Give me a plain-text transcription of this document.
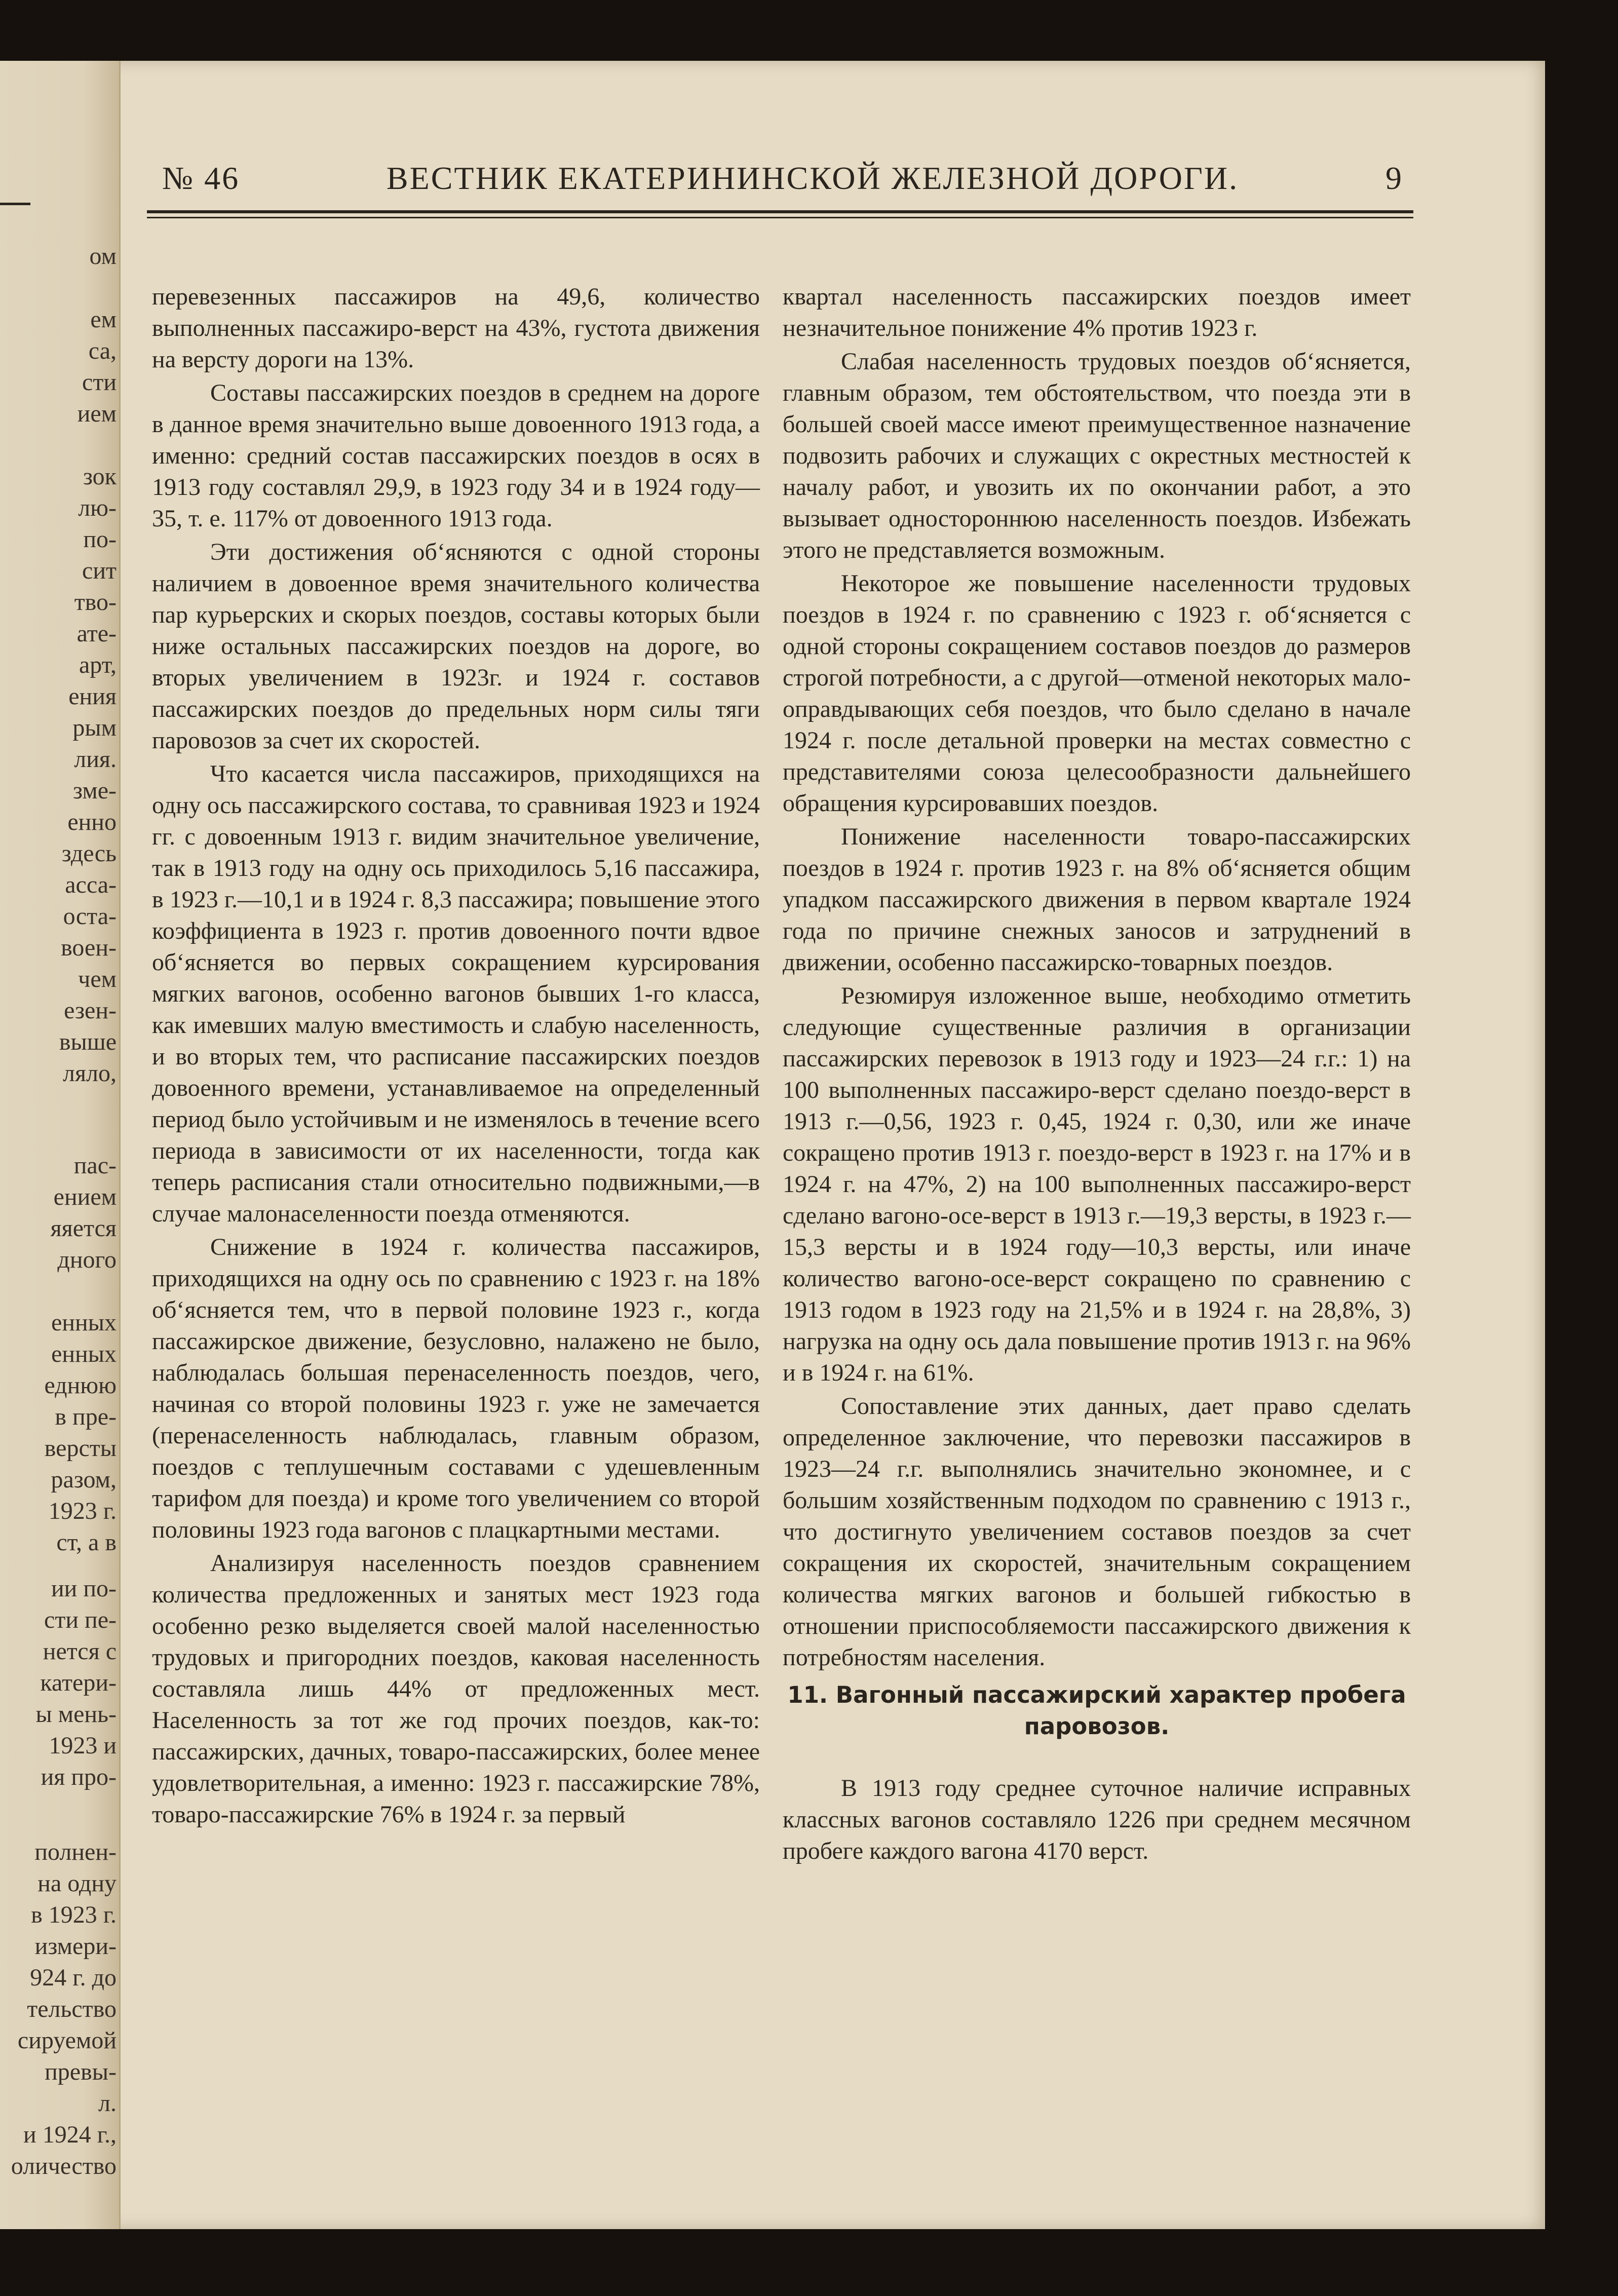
ом

ем
са,
сти
ием

зок
лю-
по-
сит
тво-
ате-
арт,
ения
рым
лия.
зме-
енно
здесь
асса-
оста-
воен-
чем
езен-
выше
ляло,

пас-
ением
яяется
дного

енных
енных
еднюю
в пре-
версты
разом,
1923 г.
ст, а в

ии по-
сти пе-
нется с
катери-
ы мень-
1923 и
ия про-

полнен-
на одну
в 1923 г.
измери-
924 г. до
тельство
сируемой
превы-
л.
и 1924 г.,
оличество

№ 46	ВЕСТНИК ЕКАТЕРИНИНСКОЙ ЖЕЛЕЗНОЙ ДОРОГИ.	9

перевезенных пассажиров на 49,6, количество выполненных пассажиро-верст на 43%, густота движения на версту дороги на 13%.

Составы пассажирских поездов в среднем на дороге в данное время значительно выше довоенного 1913 года, а именно: средний состав пассажирских поездов в осях в 1913 году составлял 29,9, в 1923 году 34 и в 1924 году—35, т. е. 117% от довоенного 1913 года.

Эти достижения об‘ясняются с одной стороны наличием в довоенное время значительного количества пар курьерских и скорых поездов, составы которых были ниже остальных пассажирских поездов на дороге, во вторых увеличением в 1923г. и 1924 г. составов пассажирских поездов до предельных норм силы тяги паровозов за счет их скоростей.

Что касается числа пассажиров, приходящихся на одну ось пассажирского состава, то сравнивая 1923 и 1924 гг. с довоенным 1913 г. видим значительное увеличение, так в 1913 году на одну ось приходилось 5,16 пассажира, в 1923 г.—10,1 и в 1924 г. 8,3 пассажира; повышение этого коэффициента в 1923 г. против довоенного почти вдвое об‘ясняется во первых сокращением курсирования мягких вагонов, особенно вагонов бывших 1-го класса, как имевших малую вместимость и слабую населенность, и во вторых тем, что расписание пассажирских поездов довоенного времени, устанавливаемое на определенный период было устойчивым и не изменялось в течение всего периода в зависимости от их населенности, тогда как теперь расписания стали относительно подвижными,—в случае малонаселенности поезда отменяются.

Снижение в 1924 г. количества пассажиров, приходящихся на одну ось по сравнению с 1923 г. на 18% об‘ясняется тем, что в первой половине 1923 г., когда пассажирское движение, безусловно, налажено не было, наблюдалась большая перенаселенность поездов, чего, начиная со второй половины 1923 г. уже не замечается (перенаселенность наблюдалась, главным образом, поездов с теплушечным составами с удешевленным тарифом для поезда) и кроме того увеличением со второй половины 1923 года вагонов с плацкартными местами.

Анализируя населенность поездов сравнением количества предложенных и занятых мест 1923 года особенно резко выделяется своей малой населенностью трудовых и пригородних поездов, каковая населенность составляла лишь 44% от предложенных мест. Населенность за тот же год прочих поездов, как-то: пассажирских, дачных, товаро-пассажирских, более менее удовлетворительная, а именно: 1923 г. пассажирские 78%, товаро-пассажирские 76% в 1924 г. за первый

квартал населенность пассажирских поездов имеет незначительное понижение 4% против 1923 г.

Слабая населенность трудовых поездов об‘ясняется, главным образом, тем обстоятельством, что поезда эти в большей своей массе имеют преимущественное назначение подвозить рабочих и служащих с окрестных местностей к началу работ, и увозить их по окончании работ, а это вызывает одностороннюю населенность поездов. Избежать этого не представляется возможным.

Некоторое же повышение населенности трудовых поездов в 1924 г. по сравнению с 1923 г. об‘ясняется с одной стороны сокращением составов поездов до размеров строгой потребности, а с другой—отменой некоторых мало-оправдывающих себя поездов, что было сделано в начале 1924 г. после детальной проверки на местах совместно с представителями союза целесообразности дальнейшего обращения курсировавших поездов.

Понижение населенности товаро-пассажирских поездов в 1924 г. против 1923 г. на 8% об‘ясняется общим упадком пассажирского движения в первом квартале 1924 года по причине снежных заносов и затруднений в движении, особенно пассажирско-товарных поездов.

Резюмируя изложенное выше, необходимо отметить следующие существенные различия в организации пассажирских перевозок в 1913 году и 1923—24 г.г.: 1) на 100 выполненных пассажиро-верст сделано поездо-верст в 1913 г.—0,56, 1923 г. 0,45, 1924 г. 0,30, или же иначе сокращено против 1913 г. поездо-верст в 1923 г. на 17% и в 1924 г. на 47%, 2) на 100 выполненных пассажиро-верст сделано вагоно-осе-верст в 1913 г.—19,3 версты, в 1923 г.—15,3 версты и в 1924 году—10,3 версты, или иначе количество вагоно-осе-верст сокращено по сравнению с 1913 годом в 1923 году на 21,5% и в 1924 г. на 28,8%, 3) нагрузка на одну ось дала повышение против 1913 г. на 96% и в 1924 г. на 61%.

Сопоставление этих данных, дает право сделать определенное заключение, что перевозки пассажиров в 1923—24 г.г. выполнялись значительно экономнее, и с большим хозяйственным подходом по сравнению с 1913 г., что достигнуто увеличением составов поездов за счет сокращения их скоростей, значительным сокращением количества мягких вагонов и большей гибкостью в отношении приспособляемости пассажирского движения к потребностям населения.

11. Вагонный пассажирский характер пробега паровозов.

В 1913 году среднее суточное наличие исправных классных вагонов составляло 1226 при среднем месячном пробеге каждого вагона 4170 верст.
